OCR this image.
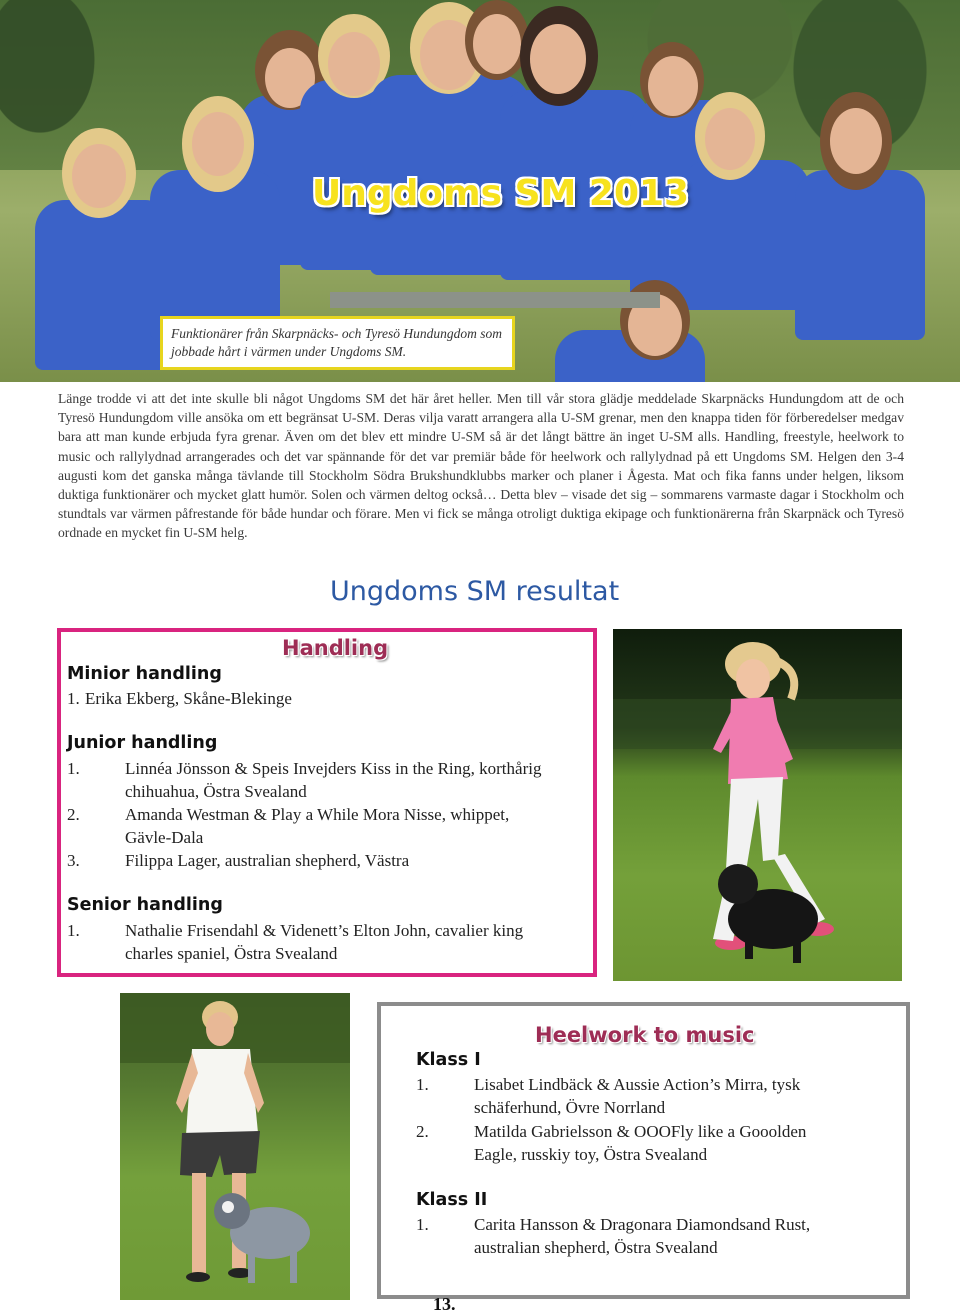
Ungdoms SM 2013
Funktionärer från Skarpnäcks- och Tyresö Hundungdom som jobbade hårt i värmen under Ungdoms SM.
Länge trodde vi att det inte skulle bli något Ungdoms SM det här året heller. Men till vår stora glädje meddelade Skarpnäcks Hundungdom att de och Tyresö Hundungdom ville ansöka om ett begränsat U-SM. Deras vilja varatt arrangera alla U-SM grenar, men den knappa tiden för förberedelser medgav bara att man kunde erbjuda fyra grenar. Även om det blev ett mindre U-SM så är det långt bättre än inget U-SM alls. Handling, freestyle, heelwork to music och rallylydnad arrangerades och det var spännande för det var premiär både för heelwork och rallylydnad på ett Ungdoms SM. Helgen den 3-4 augusti kom det ganska många tävlande till Stockholm Södra Brukshundklubbs marker och planer i Ågesta. Mat och fika fanns under helgen, liksom duktiga funktionärer och mycket glatt humör. Solen och värmen deltog också… Detta blev – visade det sig – sommarens varmaste dagar i Stockholm och stundtals var värmen påfrestande för både hundar och förare. Men vi fick se många otroligt duktiga ekipage och funktionärerna från Skarpnäck och Tyresö ordnade en mycket fin U-SM helg.
Ungdoms SM resultat
Handling
Minior handling
1. Erika Ekberg, Skåne-Blekinge
Junior handling
1.	Linnéa Jönsson & Speis Invejders Kiss in the Ring, korthårig
chihuahua, Östra Svealand
2.	Amanda Westman & Play a While Mora Nisse, whippet,
Gävle-Dala
3.	Filippa Lager, australian shepherd, Västra
Senior handling
1.	Nathalie Frisendahl & Videnett’s Elton John, cavalier king
charles spaniel, Östra Svealand
Heelwork to music
Klass I
1.	Lisabet Lindbäck & Aussie Action’s Mirra, tysk
schäferhund, Övre Norrland
2.	Matilda Gabrielsson & OOOFly like a Gooolden
Eagle, russkiy toy, Östra Svealand
Klass II
1.	Carita Hansson & Dragonara Diamondsand Rust,
australian shepherd, Östra Svealand
13.
